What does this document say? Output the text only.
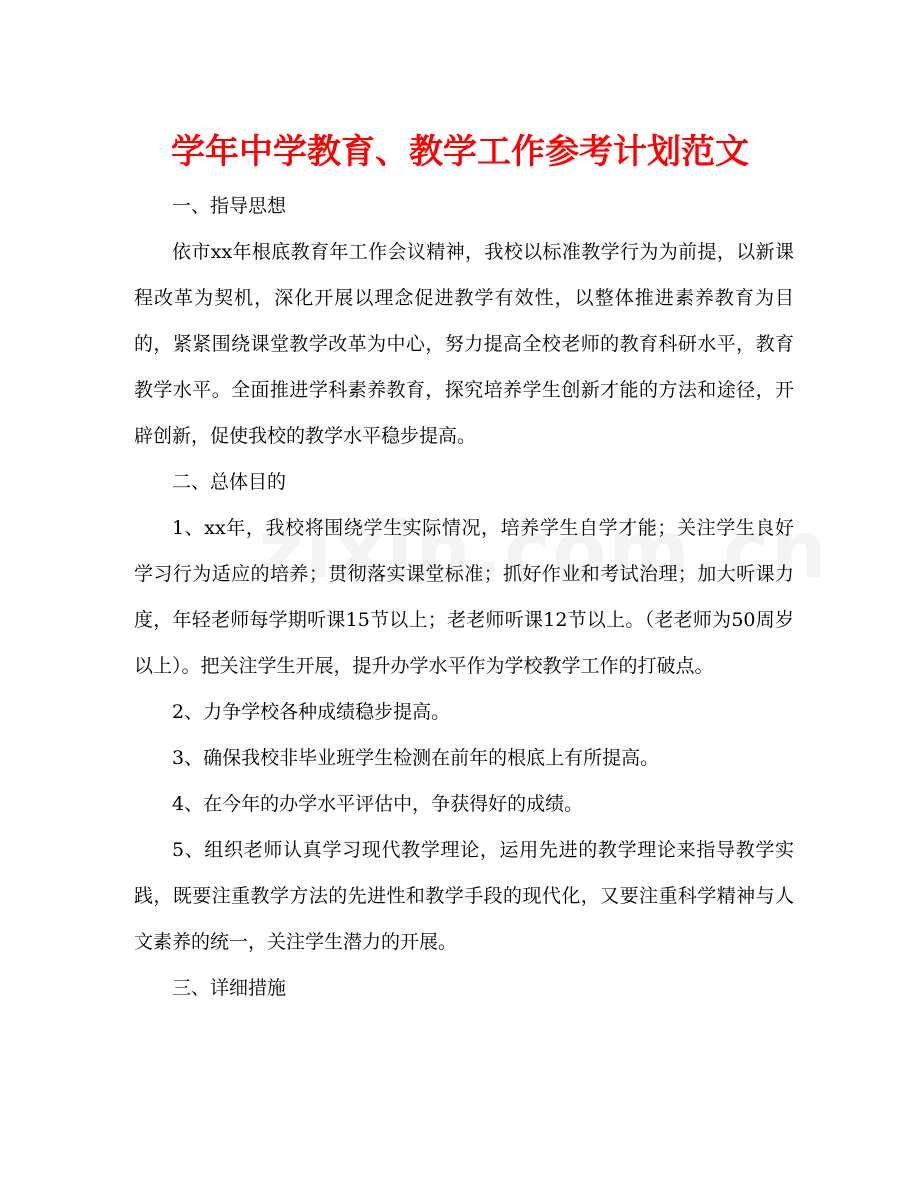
学年中学教育、教学工作参考计划范文

一、指导思想

依市xx年根底教育年工作会议精神，我校以标准教学行为为前提，以新课程改革为契机，深化开展以理念促进教学有效性，以整体推进素养教育为目的，紧紧围绕课堂教学改革为中心，努力提高全校老师的教育科研水平，教育教学水平。全面推进学科素养教育，探究培养学生创新才能的方法和途径，开辟创新，促使我校的教学水平稳步提高。

二、总体目的

1、xx年，我校将围绕学生实际情况，培养学生自学才能；关注学生良好学习行为适应的培养；贯彻落实课堂标准；抓好作业和考试治理；加大听课力度，年轻老师每学期听课15节以上；老老师听课12节以上。（老老师为50周岁以上）。把关注学生开展，提升办学水平作为学校教学工作的打破点。

2、力争学校各种成绩稳步提高。

3、确保我校非毕业班学生检测在前年的根底上有所提高。

4、在今年的办学水平评估中，争获得好的成绩。

5、组织老师认真学习现代教学理论，运用先进的教学理论来指导教学实践，既要注重教学方法的先进性和教学手段的现代化，又要注重科学精神与人文素养的统一，关注学生潜力的开展。

三、详细措施
